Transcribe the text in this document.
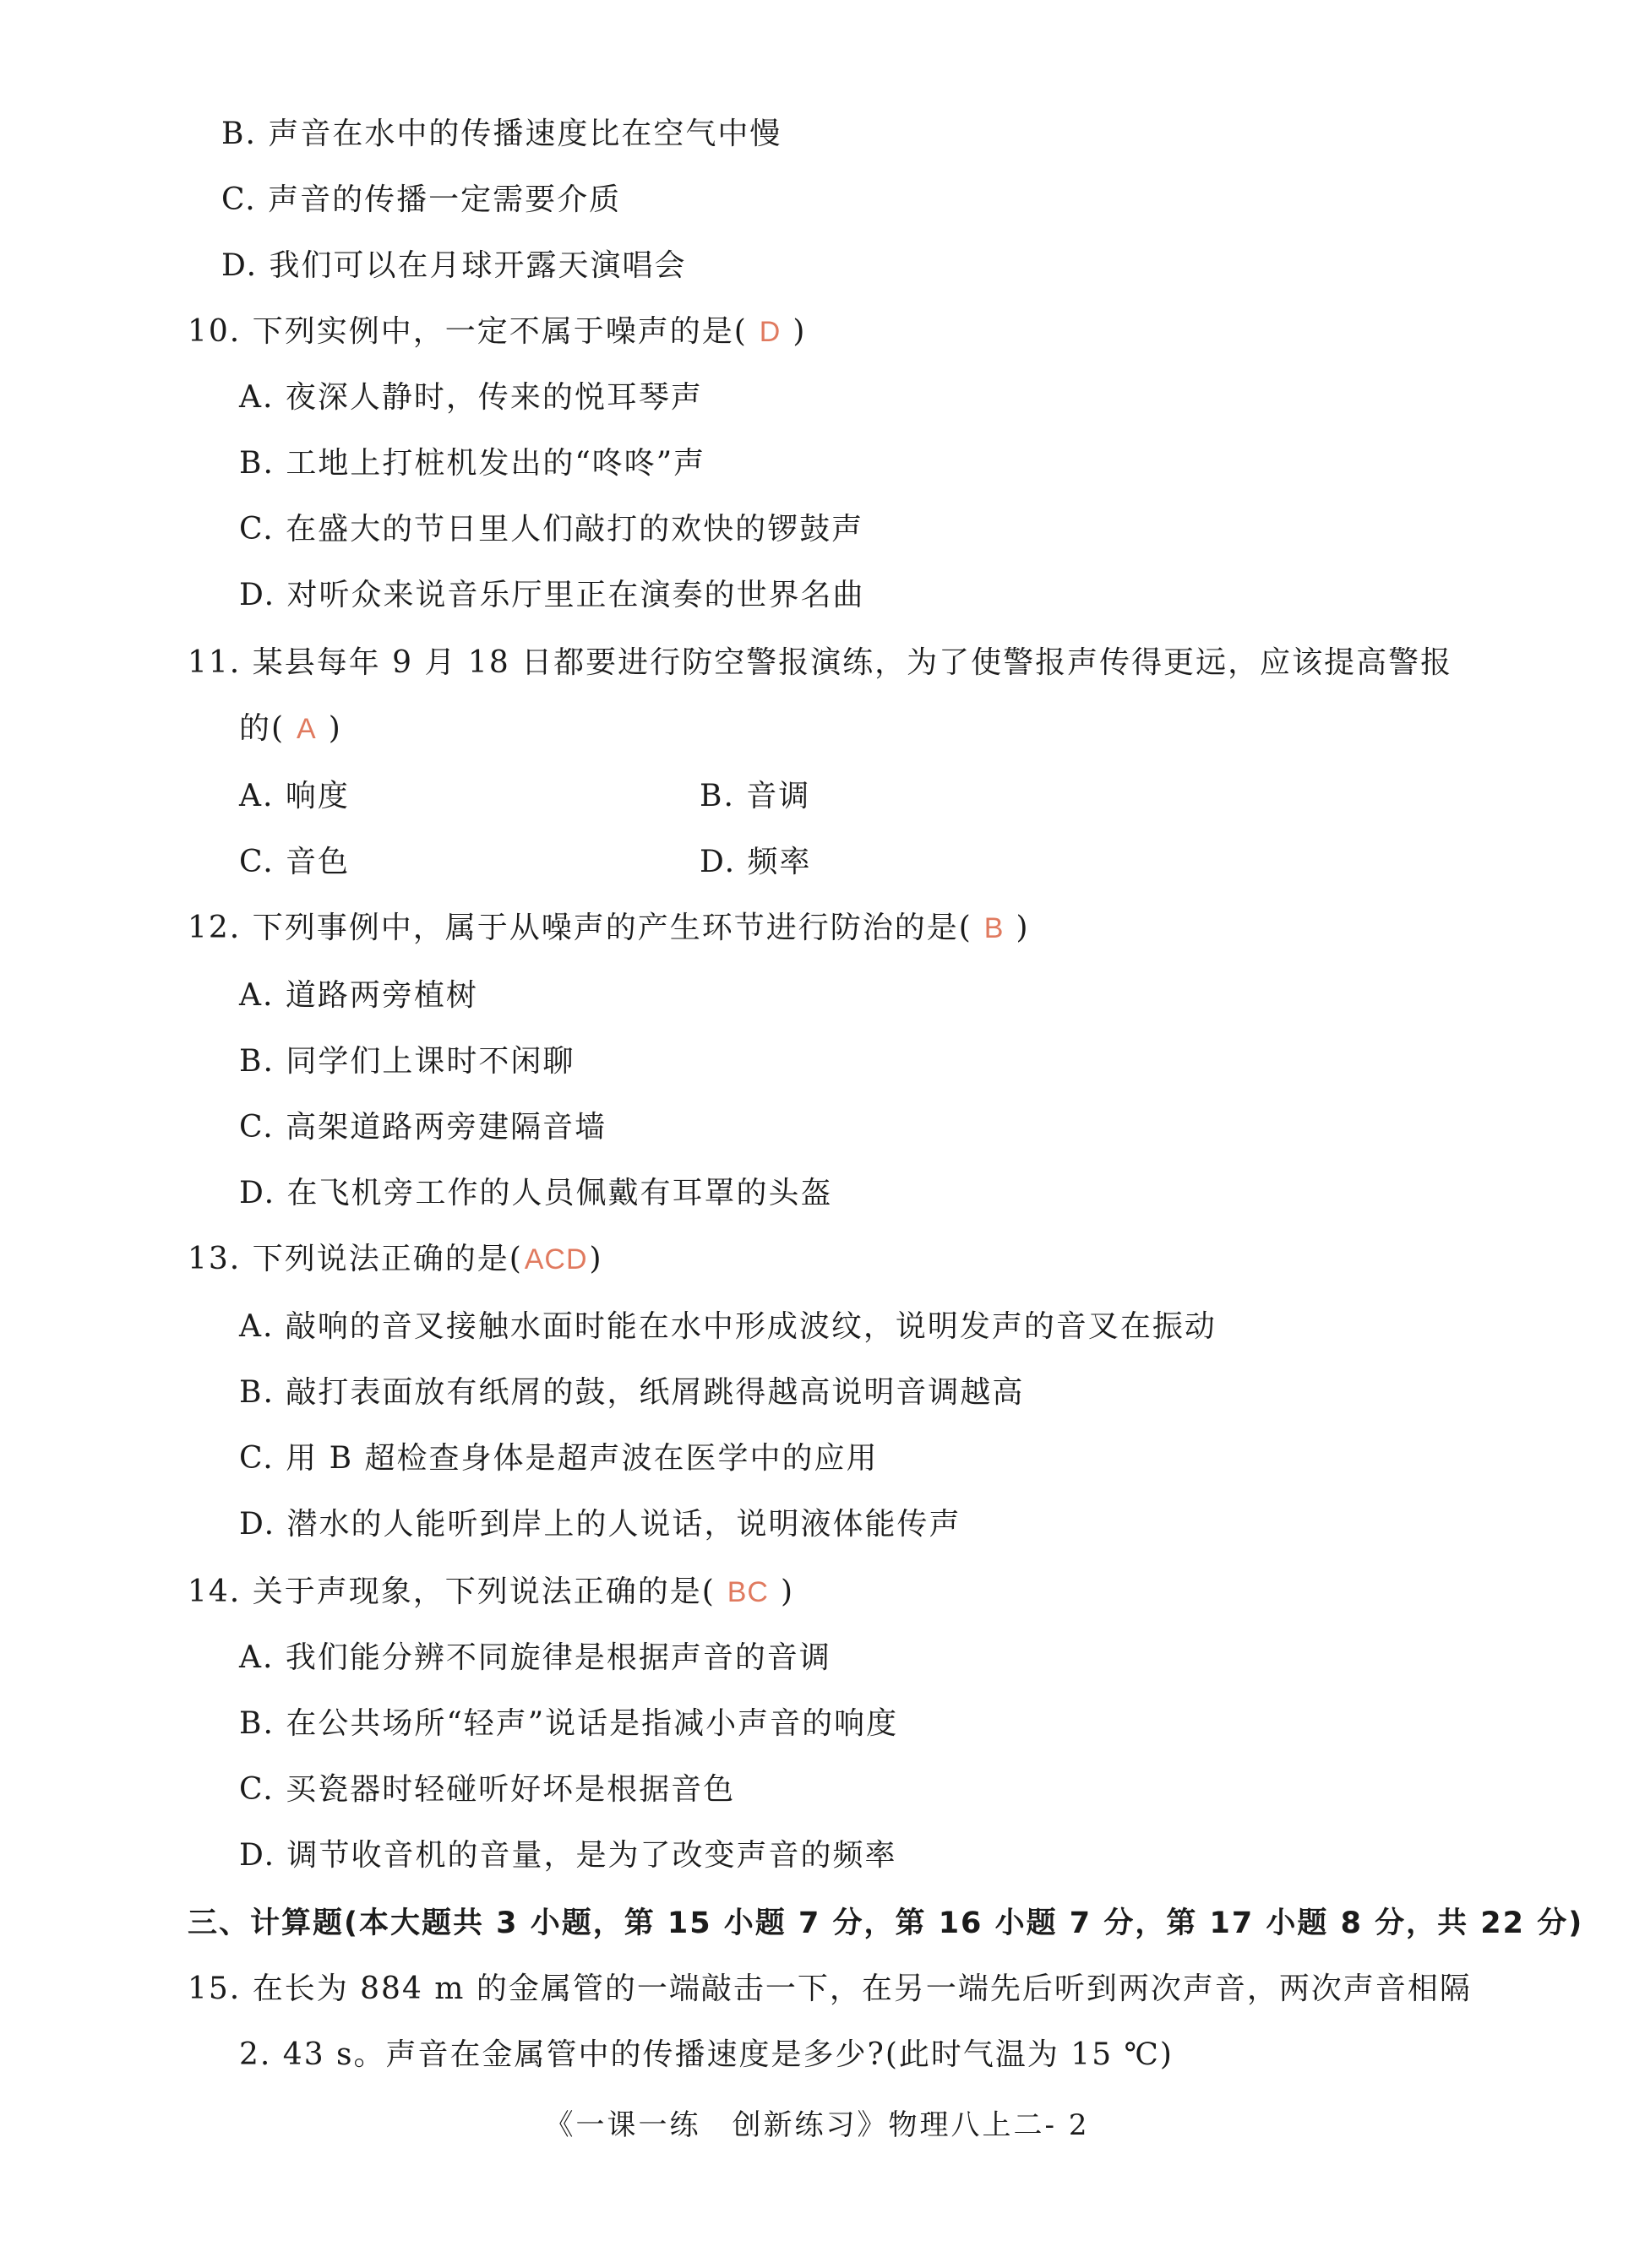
B. 声音在水中的传播速度比在空气中慢
C. 声音的传播一定需要介质
D. 我们可以在月球开露天演唱会
10. 下列实例中，一定不属于噪声的是( D )
A. 夜深人静时，传来的悦耳琴声
B. 工地上打桩机发出的“咚咚”声
C. 在盛大的节日里人们敲打的欢快的锣鼓声
D. 对听众来说音乐厅里正在演奏的世界名曲
11. 某县每年 9 月 18 日都要进行防空警报演练，为了使警报声传得更远，应该提高警报
的( A )
A. 响度	B. 音调
C. 音色	D. 频率
12. 下列事例中，属于从噪声的产生环节进行防治的是( B )
A. 道路两旁植树
B. 同学们上课时不闲聊
C. 高架道路两旁建隔音墙
D. 在飞机旁工作的人员佩戴有耳罩的头盔
13. 下列说法正确的是(ACD)
A. 敲响的音叉接触水面时能在水中形成波纹，说明发声的音叉在振动
B. 敲打表面放有纸屑的鼓，纸屑跳得越高说明音调越高
C. 用 B 超检查身体是超声波在医学中的应用
D. 潜水的人能听到岸上的人说话，说明液体能传声
14. 关于声现象，下列说法正确的是( BC )
A. 我们能分辨不同旋律是根据声音的音调
B. 在公共场所“轻声”说话是指减小声音的响度
C. 买瓷器时轻碰听好坏是根据音色
D. 调节收音机的音量，是为了改变声音的频率
三、计算题(本大题共 3 小题，第 15 小题 7 分，第 16 小题 7 分，第 17 小题 8 分，共 22 分)
15. 在长为 884 m 的金属管的一端敲击一下，在另一端先后听到两次声音，两次声音相隔
2. 43 s。声音在金属管中的传播速度是多少?(此时气温为 15 ℃)
《一课一练　创新练习》物理八上二- 2
